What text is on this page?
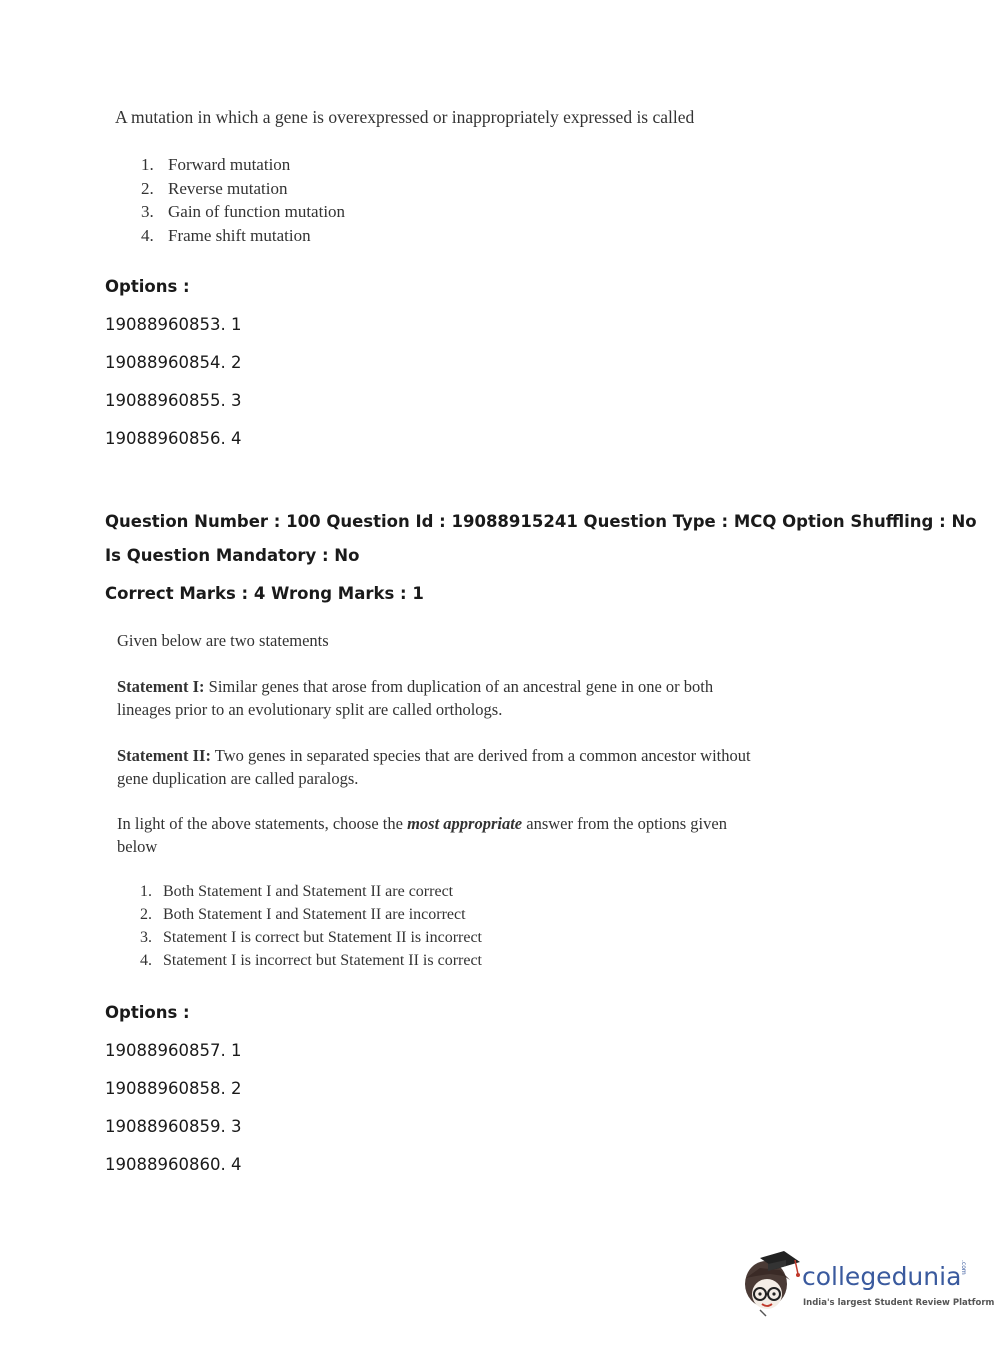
A mutation in which a gene is overexpressed or inappropriately expressed is called
1. Forward mutation
2. Reverse mutation
3. Gain of function mutation
4. Frame shift mutation
Options :
19088960853. 1
19088960854. 2
19088960855. 3
19088960856. 4
Question Number : 100 Question Id : 19088915241 Question Type : MCQ Option Shuffling : No
Is Question Mandatory : No
Correct Marks : 4 Wrong Marks : 1
Given below are two statements
Statement I: Similar genes that arose from duplication of an ancestral gene in one or both
lineages prior to an evolutionary split are called orthologs.
Statement II: Two genes in separated species that are derived from a common ancestor without
gene duplication are called paralogs.
In light of the above statements, choose the most appropriate answer from the options given
below
1. Both Statement I and Statement II are correct
2. Both Statement I and Statement II are incorrect
3. Statement I is correct but Statement II is incorrect
4. Statement I is incorrect but Statement II is correct
Options :
19088960857. 1
19088960858. 2
19088960859. 3
19088960860. 4
collegedunia
.com
India's largest Student Review Platform
